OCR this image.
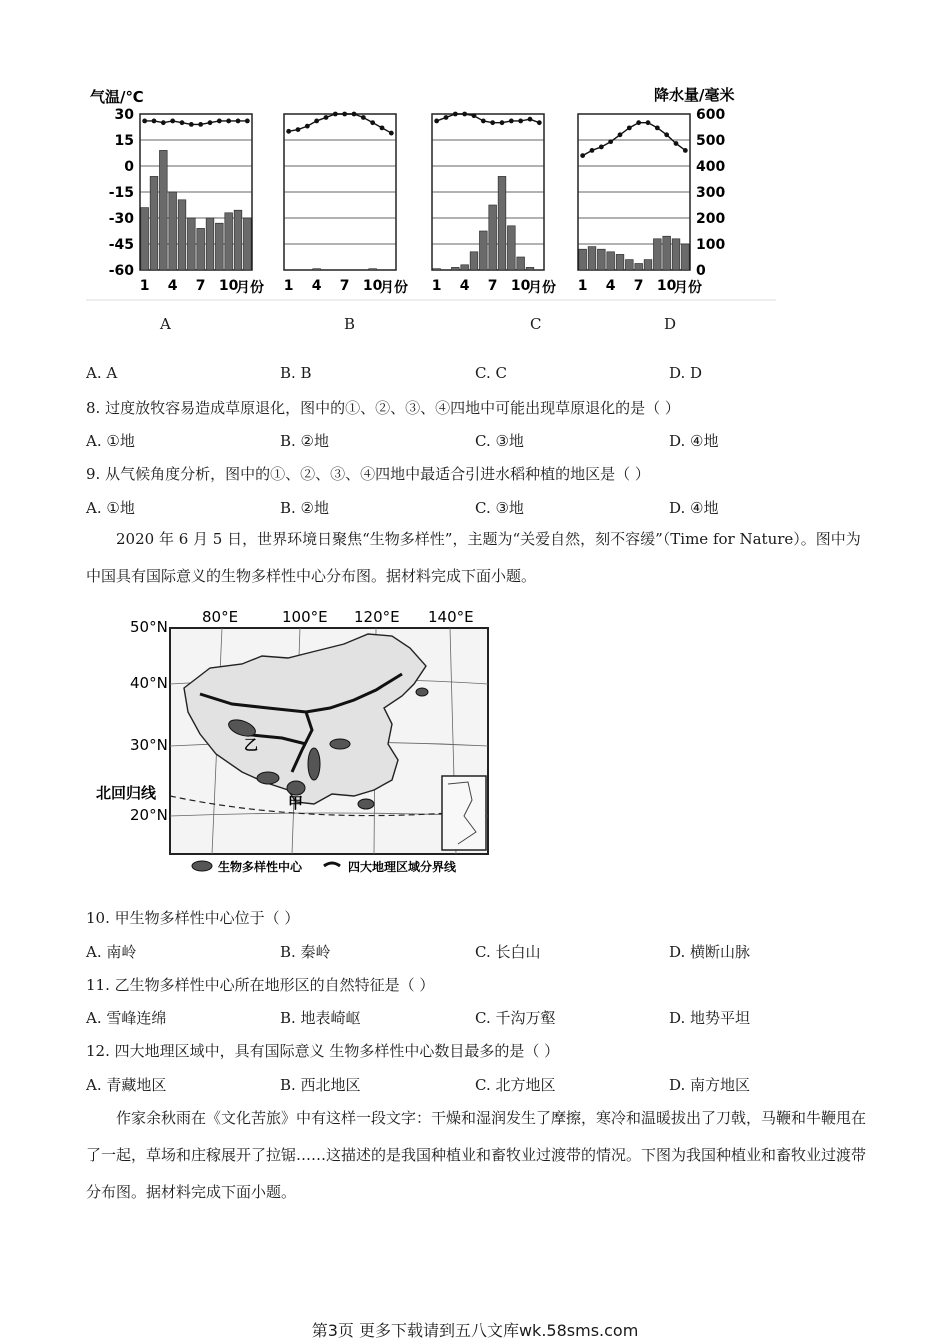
气温/℃	降水量/毫米
30
15
0
-15
-30
-45
-60
600
500
400
300
200
100
0
1 4 7 10
月份 1 4 7 10
月份 1 4 7 10
月份 1 4 7 10
月份
A	B	C	D
A. A	B. B	C. C	D. D
8. 过度放牧容易造成草原退化，图中的①、②、③、④四地中可能出现草原退化的是（ ）
A. ①地	B. ②地	C. ③地	D. ④地
9. 从气候角度分析，图中的①、②、③、④四地中最适合引进水稻种植的地区是（ ）
A. ①地	B. ②地	C. ③地	D. ④地
2020 年 6 月 5 日，世界环境日聚焦“生物多样性”，主题为“关爱自然，刻不容缓”（Time for Nature）。图中为中国具有国际意义的生物多样性中心分布图。据材料完成下面小题。
80°E	100°E 120°E 140°E
50°N
40°N
30°N
20°N
北回归线
乙
甲
生物多样性中心	四大地理区域分界线
10. 甲生物多样性中心位于（ ）
A. 南岭	B. 秦岭	C. 长白山	D. 横断山脉
11. 乙生物多样性中心所在地形区的自然特征是（ ）
A. 雪峰连绵	B. 地表崎岖	C. 千沟万壑	D. 地势平坦
12. 四大地理区域中，具有国际意义 生物多样性中心数目最多的是（ ）
A. 青藏地区	B. 西北地区	C. 北方地区	D. 南方地区
作家余秋雨在《文化苦旅》中有这样一段文字：干燥和湿润发生了摩擦，寒冷和温暖拔出了刀戟，马鞭和牛鞭甩在了一起，草场和庄稼展开了拉锯……这描述的是我国种植业和畜牧业过渡带的情况。下图为我国种植业和畜牧业过渡带分布图。据材料完成下面小题。
第3页 更多下载请到五八文库wk.58sms.com
